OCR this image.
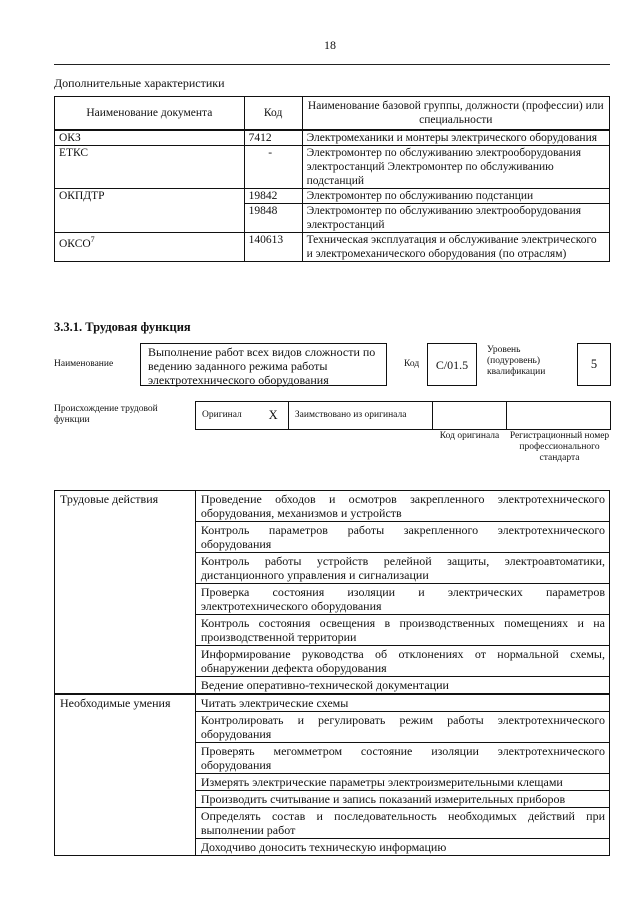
18
Дополнительные характеристики
Наименование документа	Код	Наименование базовой группы, должности (профессии) или специальности
ОКЗ	7412	Электромеханики и монтеры электрического оборудования
ЕТКС	-	Электромонтер по обслуживанию электрооборудования электростанций Электромонтер по обслуживанию подстанций
ОКПДТР	19842	Электромонтер по обслуживанию подстанции
	19848	Электромонтер по обслуживанию электрооборудования электростанций
ОКСО$^7$	140613	Техническая эксплуатация и обслуживание электрического и электромеханического оборудования (по отраслям)
3.3.1. Трудовая функция
Наименование
Выполнение работ всех видов сложности по ведению заданного режима работы электротехнического оборудования
Код	С/01.5
Уровень (подуровень) квалификации
5
Происхождение трудовой функции	Оригинал	X	Заимствовано из оригинала		
Код оригинала	Регистрационный номер профессионального стандарта
Трудовые действия	Проведение обходов и осмотров закрепленного электротехнического оборудования, механизмов и устройств
	Контроль параметров работы закрепленного электротехнического оборудования
	Контроль работы устройств релейной защиты, электроавтоматики, дистанционного управления и сигнализации
	Проверка состояния изоляции и электрических параметров электротехнического оборудования
	Контроль состояния освещения в производственных помещениях и на производственной территории
	Информирование руководства об отклонениях от нормальной схемы, обнаружении дефекта оборудования
	Ведение оперативно-технической документации
Необходимые умения	Читать электрические схемы
	Контролировать и регулировать режим работы электротехнического оборудования
	Проверять мегомметром состояние изоляции электротехнического оборудования
	Измерять электрические параметры электроизмерительными клещами
	Производить считывание и запись показаний измерительных приборов
	Определять состав и последовательность необходимых действий при выполнении работ
	Доходчиво доносить техническую информацию
